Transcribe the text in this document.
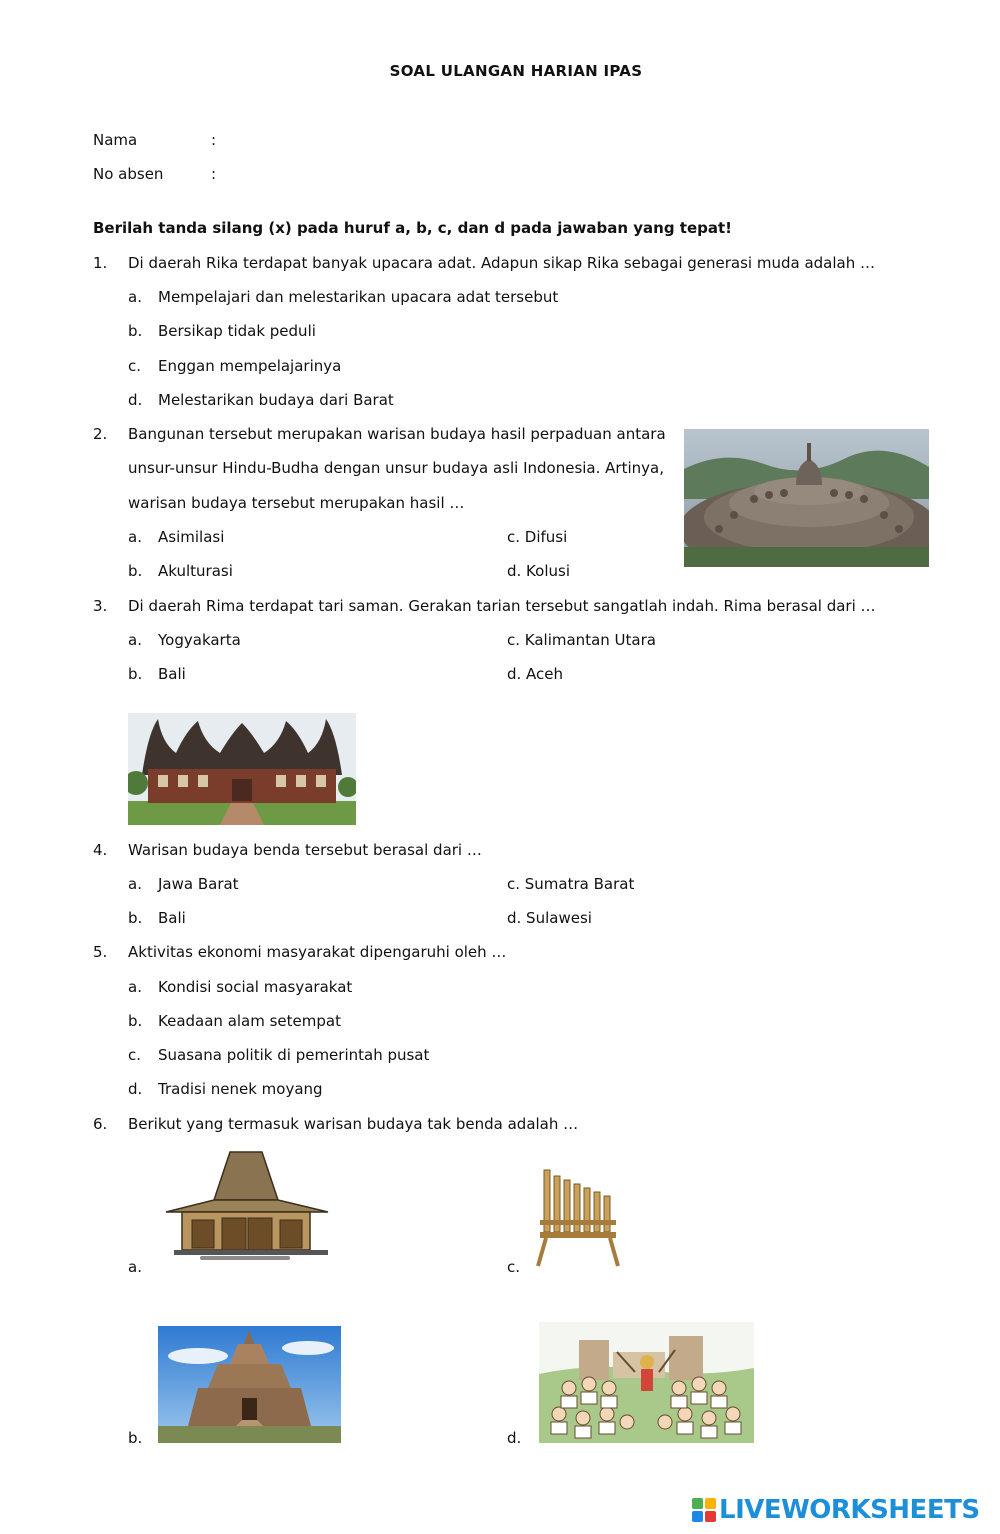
SOAL ULANGAN HARIAN IPAS
Nama	:
No absen	:
Berilah tanda silang (x) pada huruf a, b, c, dan d pada jawaban yang tepat!
1. Di daerah Rika terdapat banyak upacara adat. Adapun sikap Rika sebagai generasi muda adalah …
a. Mempelajari dan melestarikan upacara adat tersebut
b. Bersikap tidak peduli
c. Enggan mempelajarinya
d. Melestarikan budaya dari Barat
2. Bangunan tersebut merupakan warisan budaya hasil perpaduan antara
unsur-unsur Hindu-Budha dengan unsur budaya asli Indonesia. Artinya,
warisan budaya tersebut merupakan hasil …
a. Asimilasi	c. Difusi
b. Akulturasi	d. Kolusi
3. Di daerah Rima terdapat tari saman. Gerakan tarian tersebut sangatlah indah. Rima berasal dari …
a. Yogyakarta	c. Kalimantan Utara
b. Bali	d. Aceh
4. Warisan budaya benda tersebut berasal dari …
a. Jawa Barat	c. Sumatra Barat
b. Bali	d. Sulawesi
5. Aktivitas ekonomi masyarakat dipengaruhi oleh …
a. Kondisi social masyarakat
b. Keadaan alam setempat
c. Suasana politik di pemerintah pusat
d. Tradisi nenek moyang
6. Berikut yang termasuk warisan budaya tak benda adalah …
a.	c.
b.	d.
LIVEWORKSHEETS
